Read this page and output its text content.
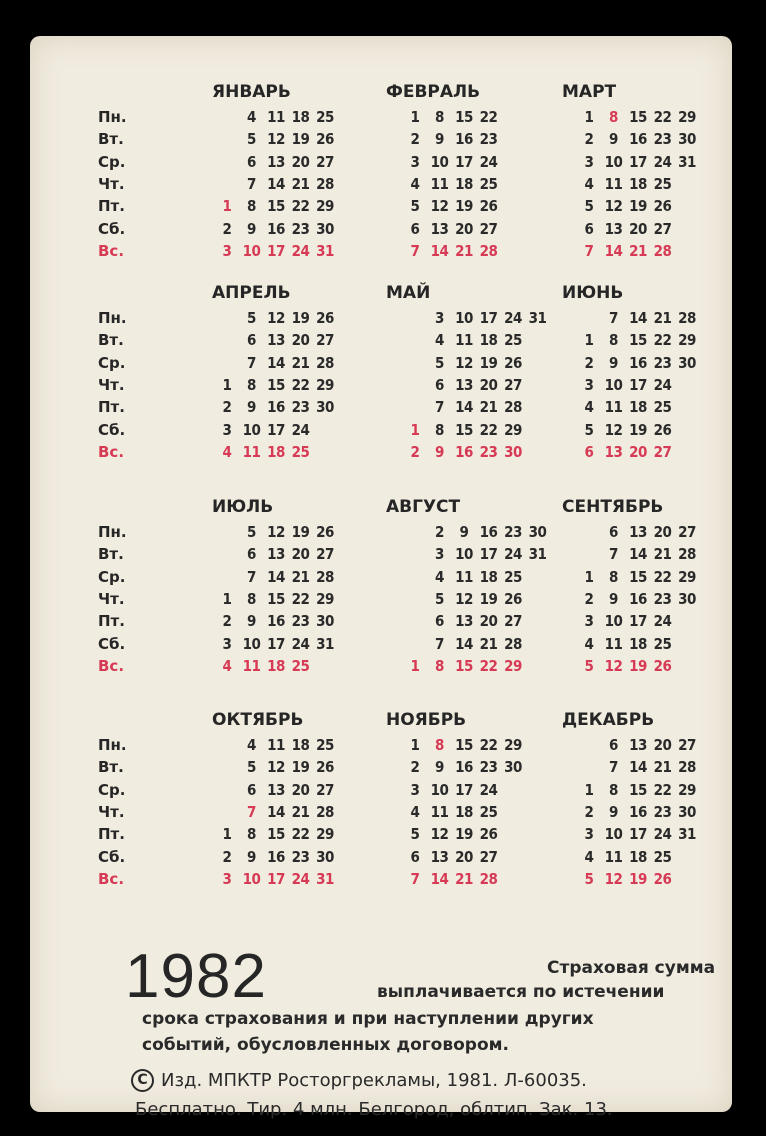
ЯНВАРЬ
Пн.
Вт.
Ср.
Чт.
Пт.
Сб.
Вс.
1
2
3
4
5
6
7
8
9
10
11
12
13
14
15
16
17
18
19
20
21
22
23
24
25
26
27
28
29
30
31
ФЕВРАЛЬ
1
2
3
4
5
6
7
8
9
10
11
12
13
14
15
16
17
18
19
20
21
22
23
24
25
26
27
28
МАРТ
1
2
3
4
5
6
7
8
9
10
11
12
13
14
15
16
17
18
19
20
21
22
23
24
25
26
27
28
29
30
31
АПРЕЛЬ
Пн.
Вт.
Ср.
Чт.
Пт.
Сб.
Вс.
1
2
3
4
5
6
7
8
9
10
11
12
13
14
15
16
17
18
19
20
21
22
23
24
25
26
27
28
29
30
МАЙ
1
2
3
4
5
6
7
8
9
10
11
12
13
14
15
16
17
18
19
20
21
22
23
24
25
26
27
28
29
30
31
ИЮНЬ
1
2
3
4
5
6
7
8
9
10
11
12
13
14
15
16
17
18
19
20
21
22
23
24
25
26
27
28
29
30
ИЮЛЬ
Пн.
Вт.
Ср.
Чт.
Пт.
Сб.
Вс.
1
2
3
4
5
6
7
8
9
10
11
12
13
14
15
16
17
18
19
20
21
22
23
24
25
26
27
28
29
30
31
АВГУСТ
1
2
3
4
5
6
7
8
9
10
11
12
13
14
15
16
17
18
19
20
21
22
23
24
25
26
27
28
29
30
31
СЕНТЯБРЬ
1
2
3
4
5
6
7
8
9
10
11
12
13
14
15
16
17
18
19
20
21
22
23
24
25
26
27
28
29
30
ОКТЯБРЬ
Пн.
Вт.
Ср.
Чт.
Пт.
Сб.
Вс.
1
2
3
4
5
6
7
8
9
10
11
12
13
14
15
16
17
18
19
20
21
22
23
24
25
26
27
28
29
30
31
НОЯБРЬ
1
2
3
4
5
6
7
8
9
10
11
12
13
14
15
16
17
18
19
20
21
22
23
24
25
26
27
28
29
30
ДЕКАБРЬ
1
2
3
4
5
6
7
8
9
10
11
12
13
14
15
16
17
18
19
20
21
22
23
24
25
26
27
28
29
30
31
1982	Страховая сумма
выплачивается по истечении
срока страхования и при наступлении других
событий, обусловленных договором.
C Изд. МПКТР Росторгрекламы, 1981. Л-60035.
Бесплатно. Тир. 4 млн. Белгород, облтип. Зак. 13.
